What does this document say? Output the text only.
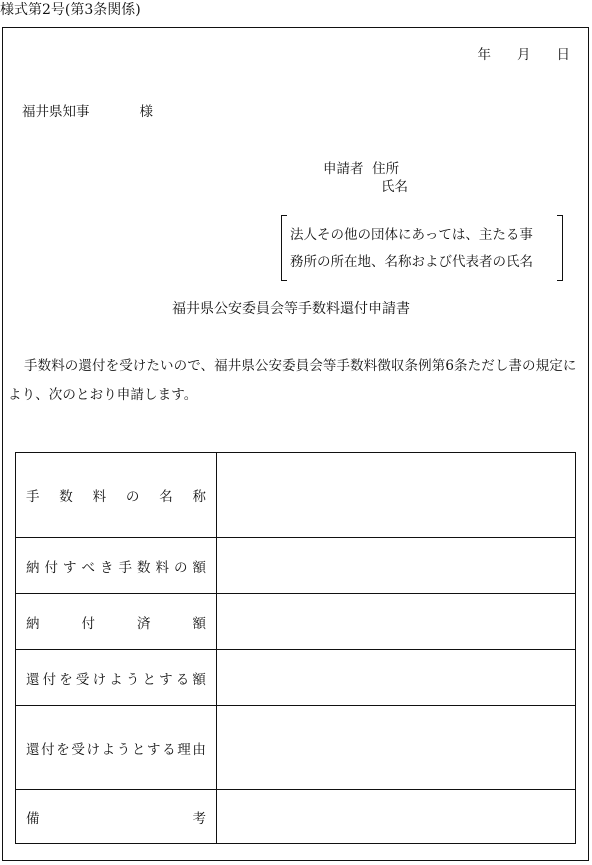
様式第2号(第3条関係)
年 月 日
福井県知事	様
申請者 住所
氏名
法人その他の団体にあっては、主たる事
務所の所在地、名称および代表者の氏名
福井県公安委員会等手数料還付申請書
手数料の還付を受けたいので、福井県公安委員会等手数料徴収条例第6条ただし書の規定により、次のとおり申請します。
手 数 料 の 名 称
納 付 す べ き 手 数 料 の 額
納	付	済	額
還 付 を 受 け よ う と す る 額
還 付 を 受 け よ う と す る 理 由
備	考
